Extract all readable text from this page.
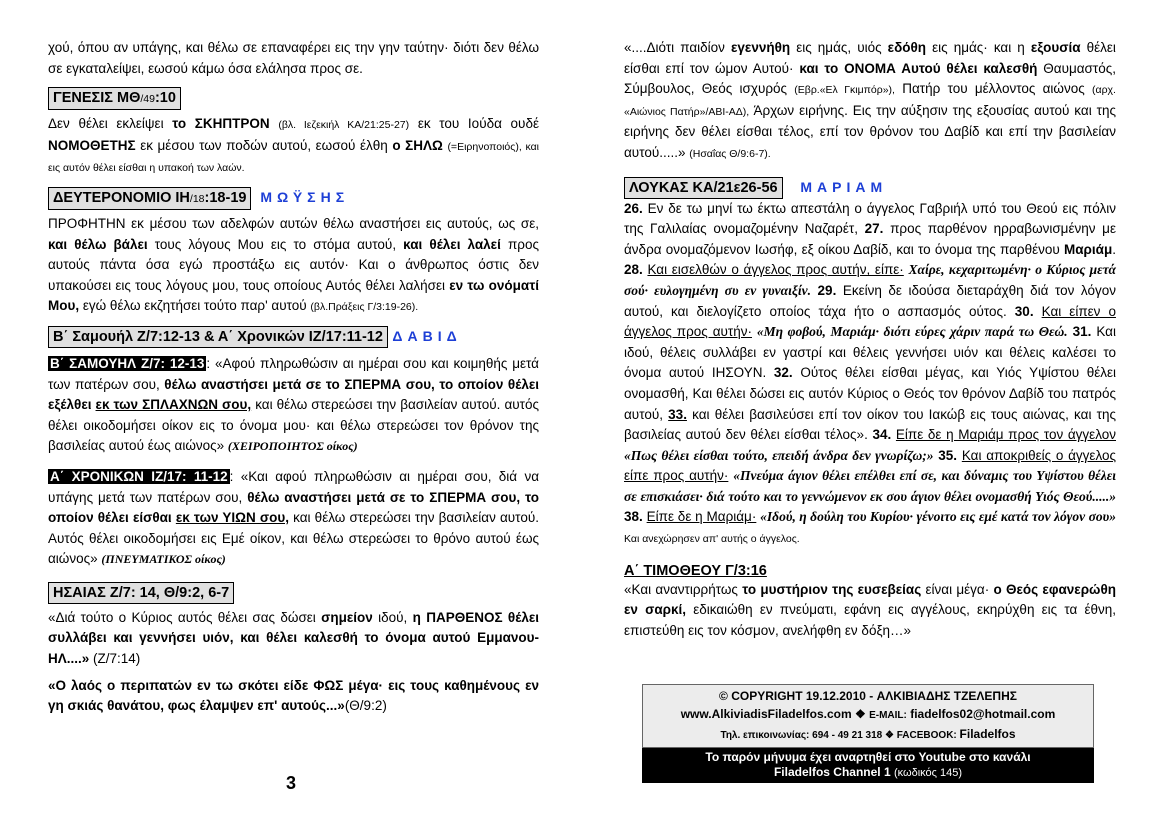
χού, όπου αν υπάγης, και θέλω σε επαναφέρει εις την γην ταύτην· διότι δεν θέλω σε εγκαταλείψει, εωσού κάμω όσα ελάλησα προς σε.

ΓΕΝΕΣΙΣ ΜΘ/49:10

Δεν θέλει εκλείψει το ΣΚΗΠΤΡΟΝ (βλ. Ιεζεκιήλ ΚΑ/21:25-27) εκ του Ιούδα ουδέ ΝΟΜΟΘΕΤΗΣ εκ μέσου των ποδών αυτού, εωσού έλθη ο ΣΗΛΩ (=Ειρηνοποιός), και εις αυτόν θέλει είσθαι η υπακοή των λαών.

ΔΕΥΤΕΡΟΝΟΜΙΟ ΙΗ/18:18-19 ΜΩΫΣΗΣ

ΠΡΟΦΗΤΗΝ εκ μέσου των αδελφών αυτών θέλω αναστήσει εις αυτούς, ως σε, και θέλω βάλει τους λόγους Μου εις το στόμα αυτού, και θέλει λαλεί προς αυτούς πάντα όσα εγώ προστάξω εις αυτόν· Και ο άνθρωπος όστις δεν υπακούσει εις τους λόγους μου, τους οποίους Αυτός θέλει λαλήσει εν τω ονόματί Μου, εγώ θέλω εκζητήσει τούτο παρ' αυτού (βλ.Πράξεις Γ/3:19-26).

Β΄ Σαμουήλ Ζ/7:12-13 & Α΄ Χρονικών ΙΖ/17:11-12 ΔΑΒΙΔ

Β΄ ΣΑΜΟΥΗΛ Ζ/7: 12-13 : «Αφού πληρωθώσιν αι ημέραι σου και κοιμηθής μετά των πατέρων σου, θέλω αναστήσει μετά σε το ΣΠΕΡΜΑ σου, το οποίον θέλει εξέλθει εκ των ΣΠΛΑΧΝΩΝ σου, και θέλω στερεώσει την βασιλείαν αυτού. αυτός θέλει οικοδομήσει οίκον εις το όνομα μου· και θέλω στερεώσει τον θρόνον της βασιλείας αυτού έως αιώνος» (ΧΕΙΡΟΠΟΙΗΤΟΣ οίκος)

Α΄ ΧΡΟΝΙΚΩΝ ΙΖ/17: 11-12 : «Και αφού πληρωθώσιν αι ημέραι σου, διά να υπάγης μετά των πατέρων σου, θέλω αναστήσει μετά σε το ΣΠΕΡΜΑ σου, το οποίον θέλει είσθαι εκ των ΥΙΩΝ σου, και θέλω στερεώσει την βασιλείαν αυτού. Αυτός θέλει οικοδομήσει εις Εμέ οίκον, και θέλω στερεώσει το θρόνο αυτού έως αιώνος» (ΠΝΕΥΜΑΤΙΚΟΣ οίκος)

ΗΣΑΙΑΣ Ζ/7: 14, Θ/9:2, 6-7

«Διά τούτο ο Κύριος αυτός θέλει σας δώσει σημείον ιδού, η ΠΑΡΘΕΝΟΣ θέλει συλλάβει και γεννήσει υιόν, και θέλει καλεσθή το όνομα αυτού Εμμανου-ΗΛ....» (Ζ/7:14)

«Ο λαός ο περιπατών εν τω σκότει είδε ΦΩΣ μέγα· εις τους καθημένους εν γη σκιάς θανάτου, φως έλαμψεν επ' αυτούς...»(Θ/9:2)

3

«....Διότι παιδίον εγεννήθη εις ημάς, υιός εδόθη εις ημάς· και η εξουσία θέλει είσθαι επί τον ώμον Αυτού· και το ΟΝΟΜΑ Αυτού θέλει καλεσθή Θαυμαστός, Σύμβουλος, Θεός ισχυρός (Εβρ.«Ελ Γκιμπόρ»), Πατήρ του μέλλοντος αιώνος (αρχ. «Αιώνιος Πατήρ»/ΑΒΙ-ΑΔ), Άρχων ειρήνης. Εις την αύξησιν της εξουσίας αυτού και της ειρήνης δεν θέλει είσθαι τέλος, επί τον θρόνον του Δαβίδ και επί την βασιλείαν αυτού.....» (Ησαΐας Θ/9:6-7).

ΛΟΥΚΑΣ ΚΑ/21ε26-56 ΜΑΡΙΑΜ

26. Εν δε τω μηνί τω έκτω απεστάλη ο άγγελος Γαβριήλ υπό του Θεού εις πόλιν της Γαλιλαίας ονομαζομένην Ναζαρέτ, 27. προς παρθένον ηρραβωνισμένην με άνδρα ονομαζόμενον Ιωσήφ, εξ οίκου Δαβίδ, και το όνομα της παρθένου Μαριάμ. 28. Και εισελθών ο άγγελος προς αυτήν, είπε· Χαίρε, κεχαριτωμένη· ο Κύριος μετά σού· ευλογημένη συ εν γυναιξίν. 29. Εκείνη δε ιδούσα διεταράχθη διά τον λόγον αυτού, και διελογίζετο οποίος τάχα ήτο ο ασπασμός ούτος. 30. Και είπεν ο άγγελος προς αυτήν· «Μη φοβού, Μαριάμ· διότι εύρες χάριν παρά τω Θεώ. 31. Και ιδού, θέλεις συλλάβει εν γαστρί και θέλεις γεννήσει υιόν και θέλεις καλέσει το όνομα αυτού ΙΗΣΟΥΝ. 32. Ούτος θέλει είσθαι μέγας, και Υιός Υψίστου θέλει ονομασθή, Και θέλει δώσει εις αυτόν Κύριος ο Θεός τον θρόνον Δαβίδ του πατρός αυτού, 33. και θέλει βασιλεύσει επί τον οίκον του Ιακώβ εις τους αιώνας, και της βασιλείας αυτού δεν θέλει είσθαι τέλος». 34. Είπε δε η Μαριάμ προς τον άγγελον «Πως θέλει είσθαι τούτο, επειδή άνδρα δεν γνωρίζω;» 35. Και αποκριθείς ο άγγελος είπε προς αυτήν· «Πνεύμα άγιον θέλει επέλθει επί σε, και δύναμις του Υψίστου θέλει σε επισκιάσει· διά τούτο και το γεννώμενον εκ σου άγιον θέλει ονομασθή Υιός Θεού.....» 38. Είπε δε η Μαριάμ· «Ιδού, η δούλη του Κυρίου· γένοιτο εις εμέ κατά τον λόγον σου» Και ανεχώρησεν απ' αυτής ο άγγελος.

Α΄ ΤΙΜΟΘΕΟΥ Γ/3:16

«Και αναντιρρήτως το μυστήριον της ευσεβείας είναι μέγα· ο Θεός εφανερώθη εν σαρκί, εδικαιώθη εν πνεύματι, εφάνη εις αγγέλους, εκηρύχθη εις τα έθνη, επιστεύθη εις τον κόσμον, ανελήφθη εν δόξη…»

© COPYRIGHT 19.12.2010 - ΑΛΚΙΒΙΑΔΗΣ ΤΖΕΛΕΠΗΣ
www.AlkiviadisFiladelfos.com ❖ E-MAIL: fiadelfos02@hotmail.com
Τηλ. επικοινωνίας: 694 - 49 21 318 ❖ FACEBOOK: Filadelfos
Το παρόν μήνυμα έχει αναρτηθεί στο Youtube στο κανάλι
Filadelfos Channel 1 (κωδικός 145)
